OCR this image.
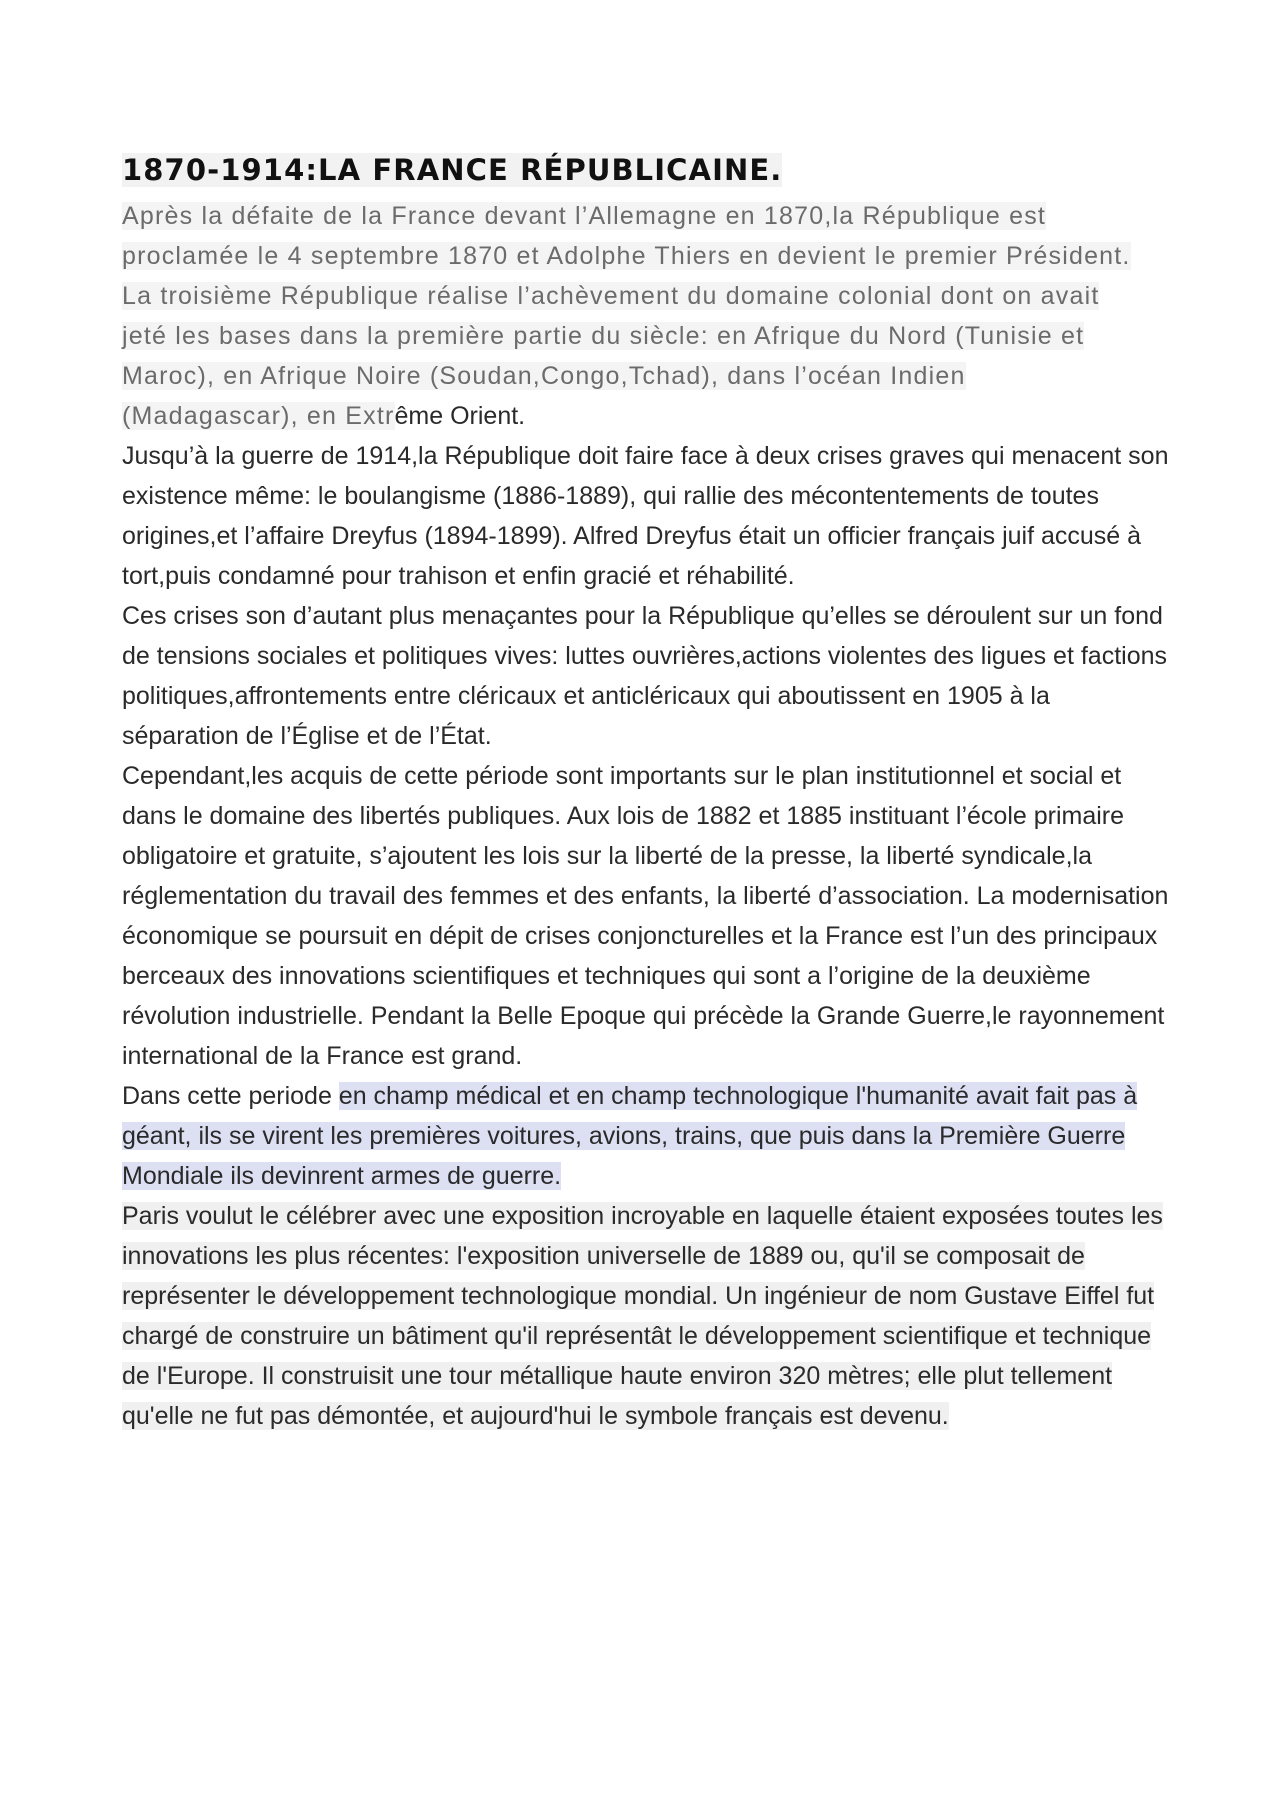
1870-1914:LA FRANCE RÉPUBLICAINE.
Après la défaite de la France devant l’Allemagne en 1870,la République est
proclamée le 4 septembre 1870 et Adolphe Thiers en devient le premier Président.
La troisième République réalise l’achèvement du domaine colonial dont on avait
jeté les bases dans la première partie du siècle: en Afrique du Nord (Tunisie et
Maroc), en Afrique Noire (Soudan,Congo,Tchad), dans l’océan Indien
(Madagascar), en Extrême Orient.
Jusqu’à la guerre de 1914,la République doit faire face à deux crises graves qui menacent son
existence même: le boulangisme (1886-1889), qui rallie des mécontentements de toutes
origines,et l’affaire Dreyfus (1894-1899). Alfred Dreyfus était un officier français juif accusé à
tort,puis condamné pour trahison et enfin gracié et réhabilité.
Ces crises son d’autant plus menaçantes pour la République qu’elles se déroulent sur un fond
de tensions sociales et politiques vives: luttes ouvrières,actions violentes des ligues et factions
politiques,affrontements entre cléricaux et anticléricaux qui aboutissent en 1905 à la
séparation de l’Église et de l’État.
Cependant,les acquis de cette période sont importants sur le plan institutionnel et social et
dans le domaine des libertés publiques. Aux lois de 1882 et 1885 instituant l’école primaire
obligatoire et gratuite, s’ajoutent les lois sur la liberté de la presse, la liberté syndicale,la
réglementation du travail des femmes et des enfants, la liberté d’association. La modernisation
économique se poursuit en dépit de crises conjoncturelles et la France est l’un des principaux
berceaux des innovations scientifiques et techniques qui sont a l’origine de la deuxième
révolution industrielle. Pendant la Belle Epoque qui précède la Grande Guerre,le rayonnement
international de la France est grand.
Dans cette periode en champ médical et en champ technologique l'humanité avait fait pas à
géant, ils se virent les premières voitures, avions, trains, que puis dans la Première Guerre
Mondiale ils devinrent armes de guerre.
Paris voulut le célébrer avec une exposition incroyable en laquelle étaient exposées toutes les
innovations les plus récentes: l'exposition universelle de 1889 ou, qu'il se composait de
représenter le développement technologique mondial. Un ingénieur de nom Gustave Eiffel fut
chargé de construire un bâtiment qu'il représentât le développement scientifique et technique
de l'Europe. Il construisit une tour métallique haute environ 320 mètres; elle plut tellement
qu'elle ne fut pas démontée, et aujourd'hui le symbole français est devenu.
